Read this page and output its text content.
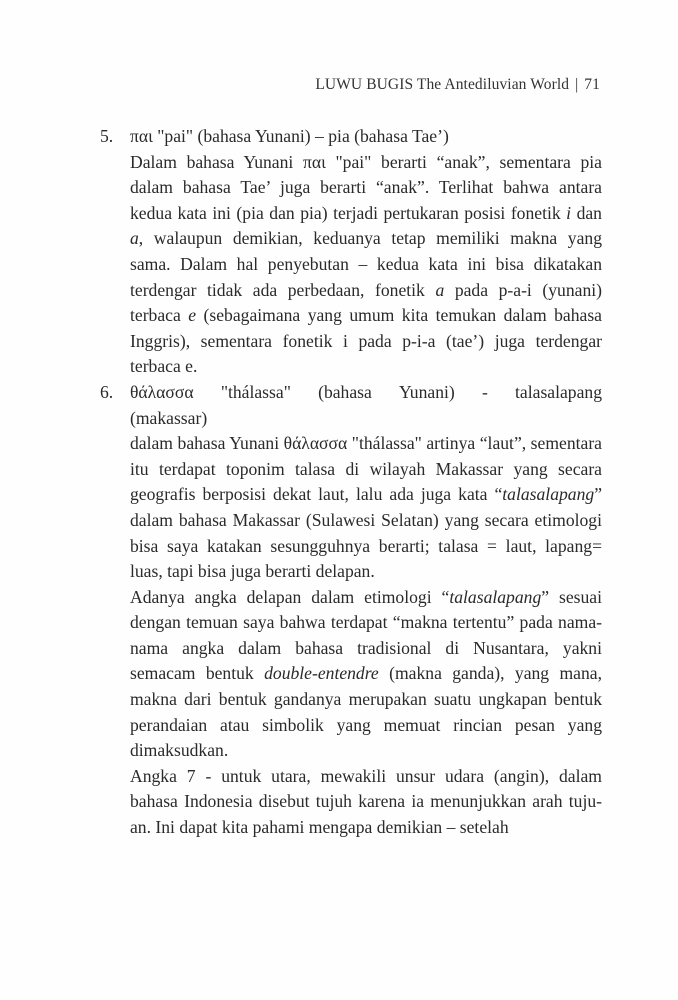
LUWU BUGIS The Antediluvian World | 71
5. παι "pai" (bahasa Yunani) – pia (bahasa Tae’)

Dalam bahasa Yunani παι "pai" berarti “anak”, sementara pia dalam bahasa Tae’ juga berarti “anak”. Terlihat bahwa antara kedua kata ini (pia dan pia) terjadi pertukaran posisi fonetik i dan a, walaupun demikian, keduanya tetap memiliki makna yang sama. Dalam hal penyebutan – kedua kata ini bisa dikatakan terdengar tidak ada perbedaan, fonetik a pada p-a-i (yunani) terbaca e (sebagaimana yang umum kita temukan dalam bahasa Inggris), sementara fonetik i pada p-i-a (tae’) juga terdengar terbaca e.

6. θάλασσα "thálassa" (bahasa Yunani) - talasalapang

(makassar)

dalam bahasa Yunani θάλασσα "thálassa" artinya “laut”, sementara itu terdapat toponim talasa di wilayah Makassar yang secara geografis berposisi dekat laut, lalu ada juga kata “talasalapang” dalam bahasa Makassar (Sulawesi Selatan) yang secara etimologi bisa saya katakan sesungguhnya berarti; talasa = laut, lapang= luas, tapi bisa juga berarti delapan.

Adanya angka delapan dalam etimologi “talasalapang” sesuai dengan temuan saya bahwa terdapat “makna tertentu” pada nama-nama angka dalam bahasa tradisional di Nusantara, yakni semacam bentuk double-entendre (makna ganda), yang mana, makna dari bentuk gandanya merupakan suatu ungkapan bentuk perandaian atau simbolik yang memuat rincian pesan yang dimaksudkan.

Angka 7 - untuk utara, mewakili unsur udara (angin), dalam bahasa Indonesia disebut tujuh karena ia menunjukkan arah tuju-an. Ini dapat kita pahami mengapa demikian – setelah
